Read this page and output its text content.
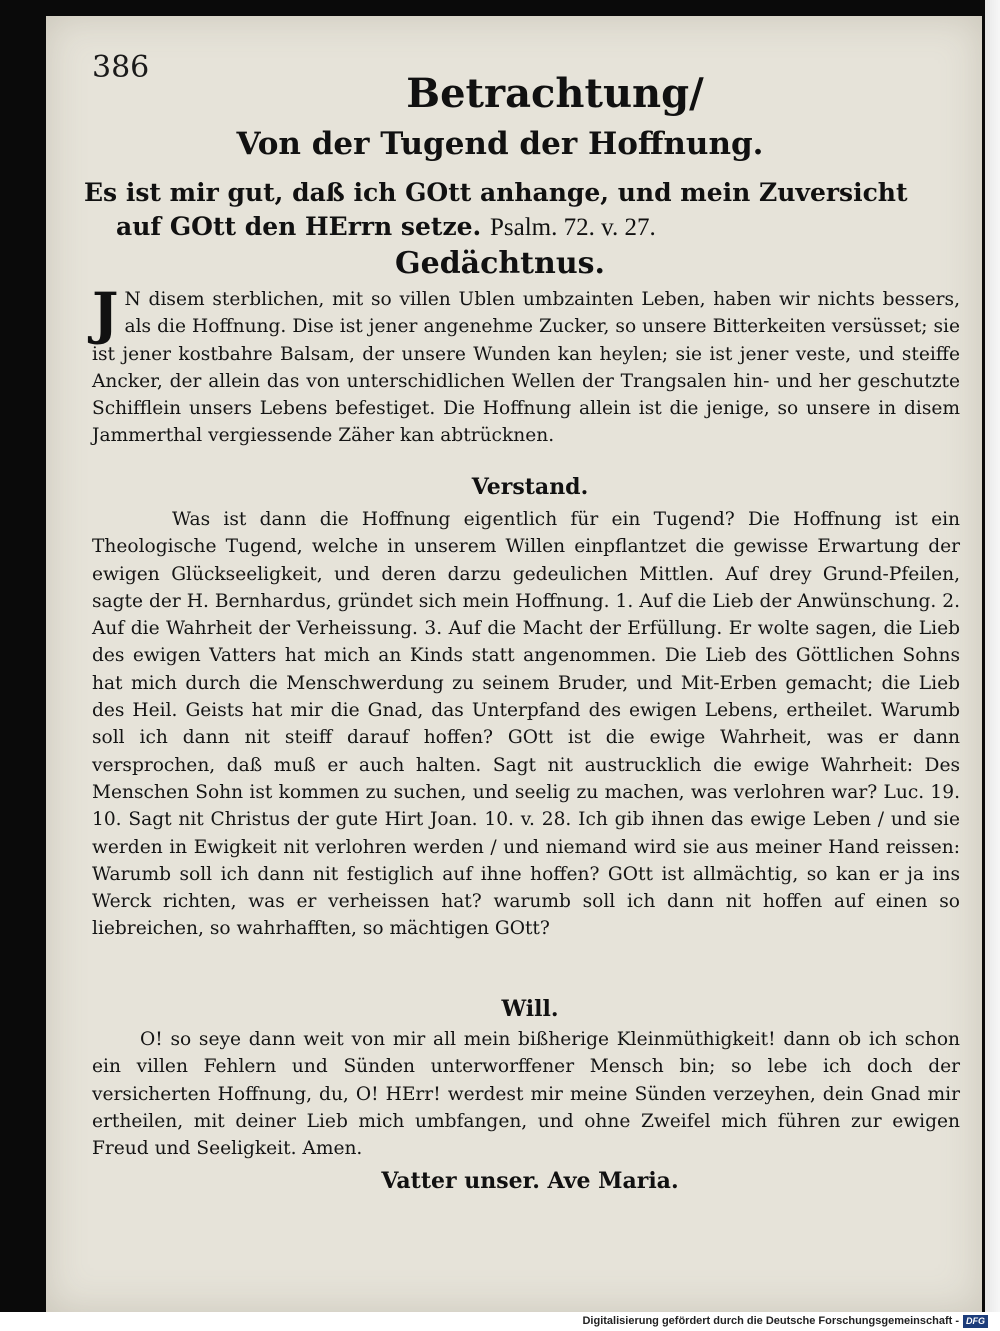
386

Betrachtung/
Von der Tugend der Hoffnung.

Es ist mir gut, daß ich GOtt anhange, und mein Zuversicht
auf GOtt den HErrn setze. Psalm. 72. v. 27.

Gedächtnus.

J N disem sterblichen, mit so villen Ublen umbzainten Leben, haben wir nichts bessers, als die Hoffnung. Dise ist jener angenehme Zucker, so unsere Bitterkeiten versüsset; sie ist jener kostbahre Balsam, der unsere Wunden kan heylen; sie ist jener veste, und steiffe Ancker, der allein das von unterschidlichen Wellen der Trangsalen hin- und her geschutzte Schifflein unsers Lebens befestiget. Die Hoffnung allein ist die jenige, so unsere in disem Jammerthal vergiessende Zäher kan abtrücknen.

Verstand.

Was ist dann die Hoffnung eigentlich für ein Tugend? Die Hoffnung ist ein Theologische Tugend, welche in unserem Willen einpflantzet die gewisse Erwartung der ewigen Glückseeligkeit, und deren darzu gedeulichen Mittlen. Auf drey Grund-Pfeilen, sagte der H. Bernhardus, gründet sich mein Hoffnung. 1. Auf die Lieb der Anwünschung. 2. Auf die Wahrheit der Verheissung. 3. Auf die Macht der Erfüllung. Er wolte sagen, die Lieb des ewigen Vatters hat mich an Kinds statt angenommen. Die Lieb des Göttlichen Sohns hat mich durch die Menschwerdung zu seinem Bruder, und Mit-Erben gemacht; die Lieb des Heil. Geists hat mir die Gnad, das Unterpfand des ewigen Lebens, ertheilet. Warumb soll ich dann nit steiff darauf hoffen? GOtt ist die ewige Wahrheit, was er dann versprochen, daß muß er auch halten. Sagt nit austrucklich die ewige Wahrheit: Des Menschen Sohn ist kommen zu suchen, und seelig zu machen, was verlohren war? Luc. 19. 10. Sagt nit Christus der gute Hirt Joan. 10. v. 28. Ich gib ihnen das ewige Leben / und sie werden in Ewigkeit nit verlohren werden / und niemand wird sie aus meiner Hand reissen: Warumb soll ich dann nit festiglich auf ihne hoffen? GOtt ist allmächtig, so kan er ja ins Werck richten, was er verheissen hat? warumb soll ich dann nit hoffen auf einen so liebreichen, so wahrhafften, so mächtigen GOtt?

Will.

O! so seye dann weit von mir all mein bißherige Kleinmüthigkeit! dann ob ich schon ein villen Fehlern und Sünden unterworffener Mensch bin; so lebe ich doch der versicherten Hoffnung, du, O! HErr! werdest mir meine Sünden verzeyhen, dein Gnad mir ertheilen, mit deiner Lieb mich umbfangen, und ohne Zweifel mich führen zur ewigen Freud und Seeligkeit. Amen.

Vatter unser. Ave Maria.

Digitalisierung gefördert durch die Deutsche Forschungsgemeinschaft - DFG
